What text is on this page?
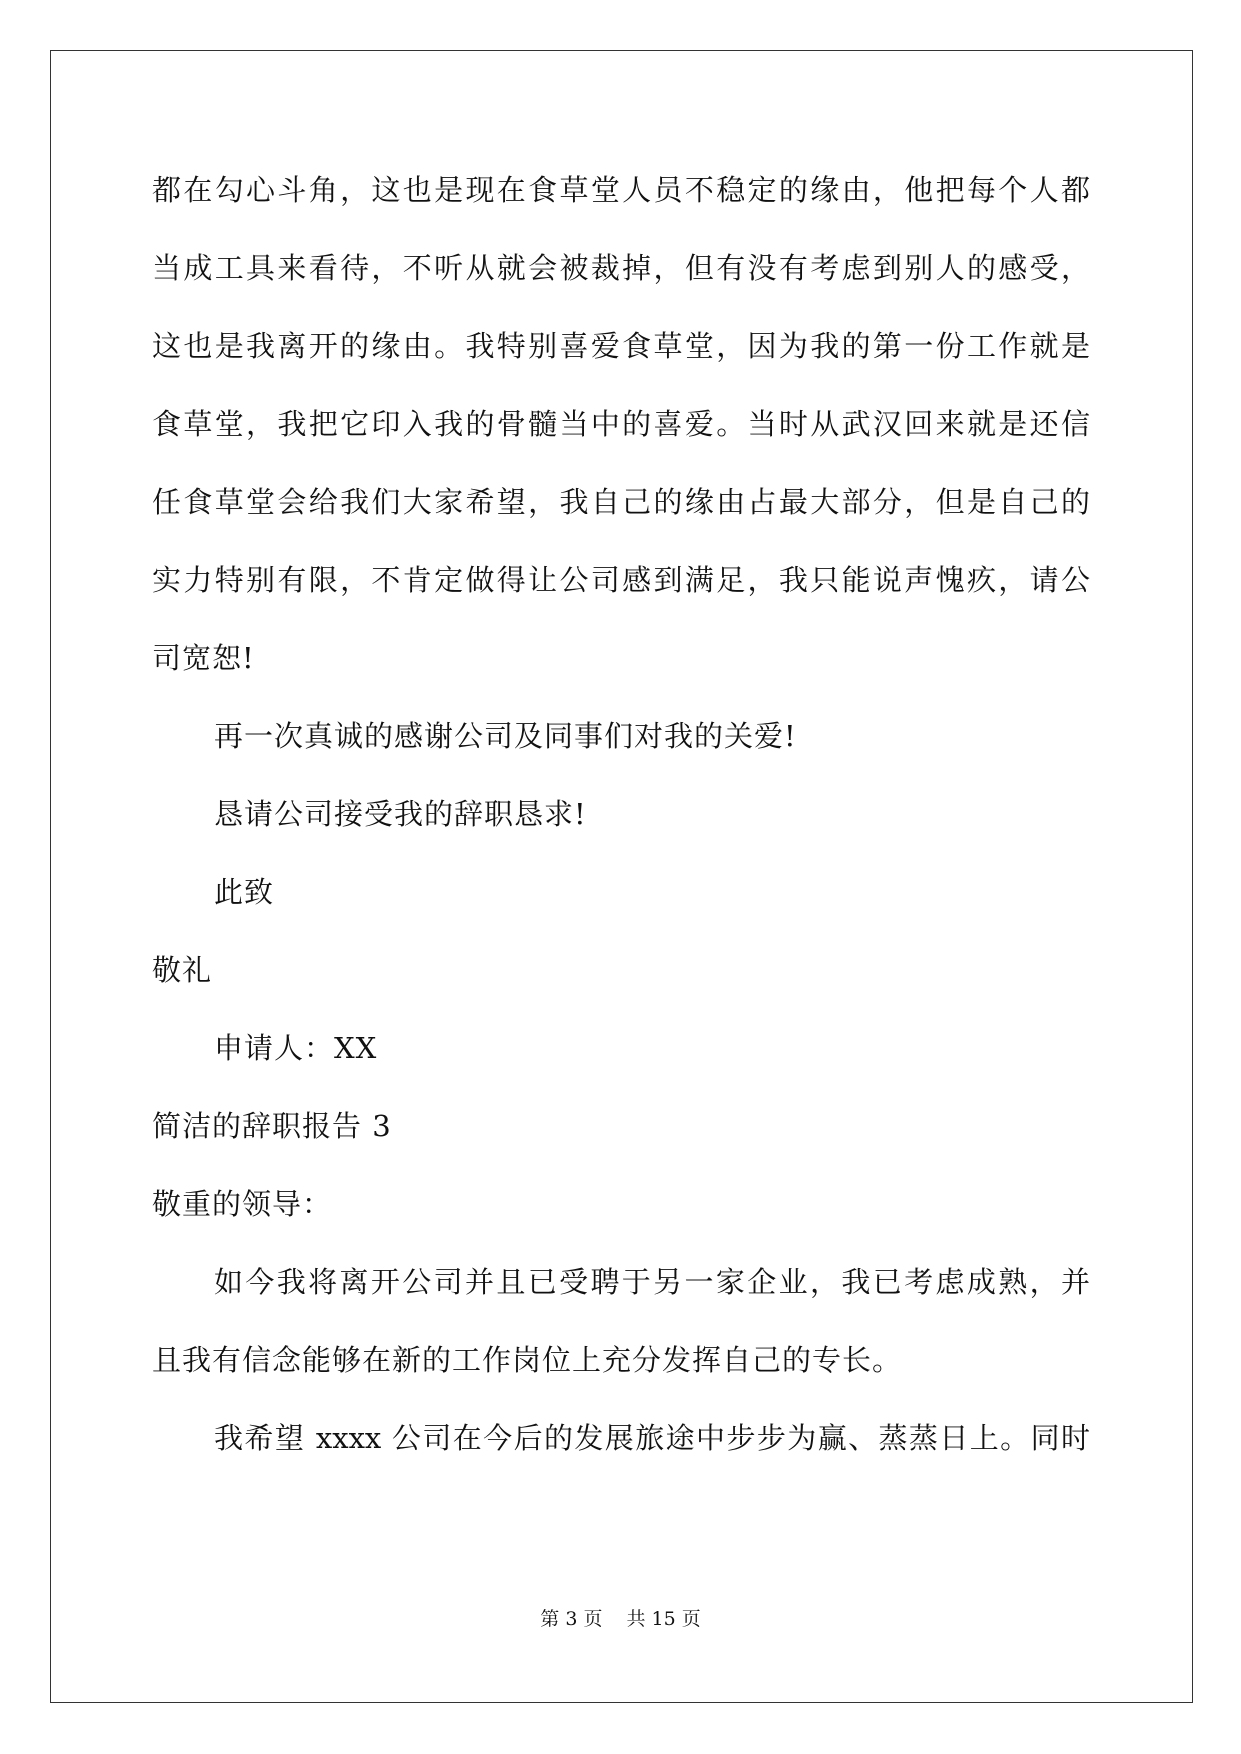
都在勾心斗角，这也是现在食草堂人员不稳定的缘由，他把每个人都
当成工具来看待，不听从就会被裁掉，但有没有考虑到别人的感受，
这也是我离开的缘由。我特别喜爱食草堂，因为我的第一份工作就是
食草堂，我把它印入我的骨髓当中的喜爱。当时从武汉回来就是还信
任食草堂会给我们大家希望，我自己的缘由占最大部分，但是自己的
实力特别有限，不肯定做得让公司感到满足，我只能说声愧疚，请公
司宽恕!
再一次真诚的感谢公司及同事们对我的关爱!
恳请公司接受我的辞职恳求!
此致
敬礼
申请人：XX
简洁的辞职报告 3
敬重的领导：
如今我将离开公司并且已受聘于另一家企业，我已考虑成熟，并
且我有信念能够在新的工作岗位上充分发挥自己的专长。
我希望 xxxx 公司在今后的发展旅途中步步为赢、蒸蒸日上。同时
第 3 页 共 15 页
